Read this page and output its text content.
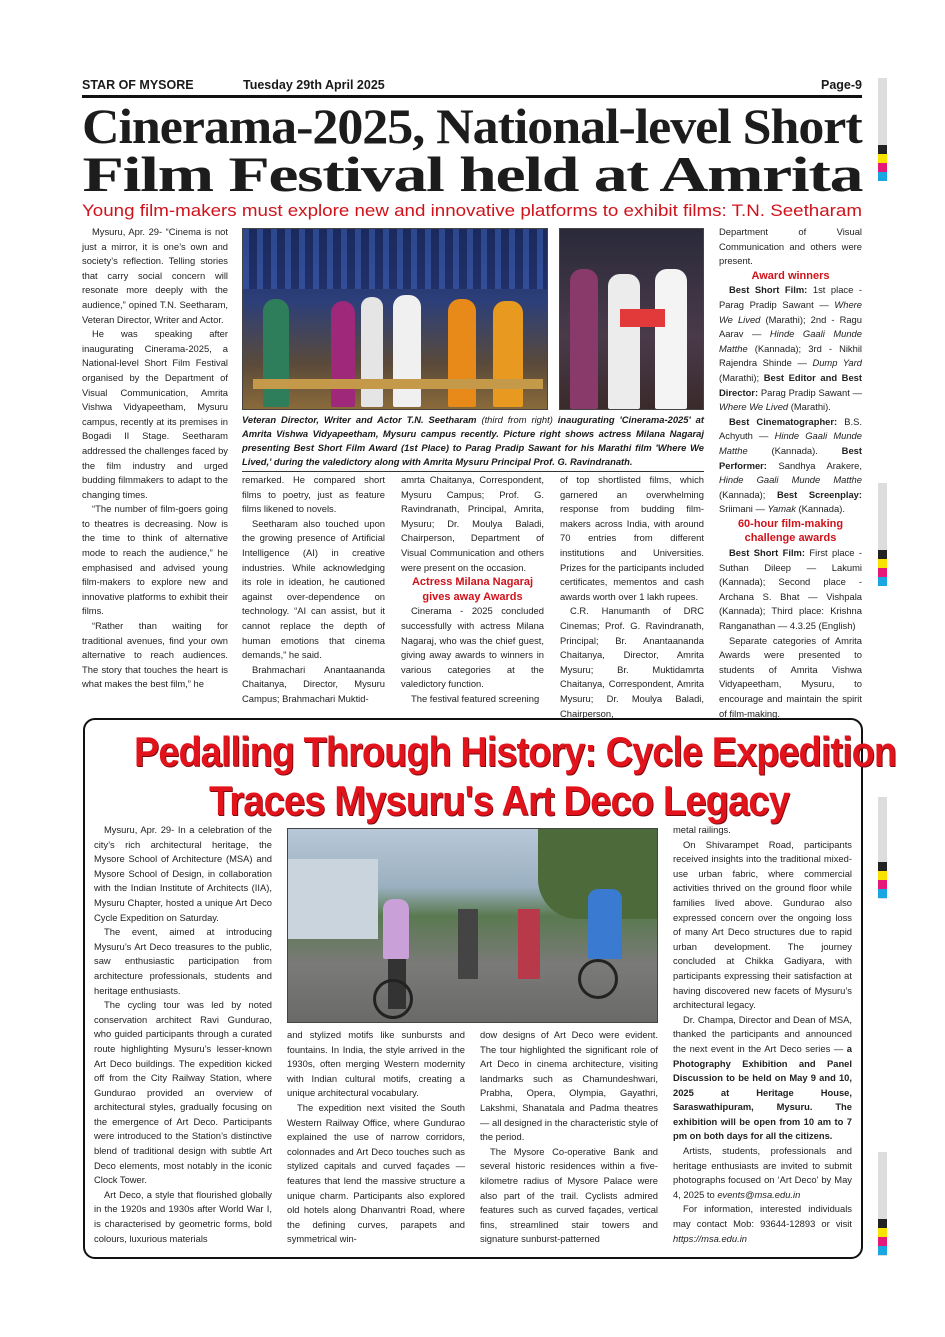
STAR OF MYSORE	Tuesday 29th April 2025	Page-9
Cinerama-2025, National-level Short
Film Festival held at Amrita
Young film-makers must explore new and innovative platforms to exhibit films: T.N. Seetharam

Mysuru, Apr. 29- “Cinema is not just a mirror, it is one’s own and society’s reflection. Telling stories that carry social concern will resonate more deeply with the audience,” opined T.N. Seetharam, Veteran Director, Writer and Actor.

He was speaking after inaugurating Cinerama-2025, a National-level Short Film Festival organised by the Department of Visual Communication, Amrita Vishwa Vidyapeetham, Mysuru campus, recently at its premises in Bogadi II Stage. Seetharam addressed the challenges faced by the film industry and urged budding filmmakers to adapt to the changing times.

“The number of film-goers going to theatres is decreasing. Now is the time to think of alternative mode to reach the audience,” he emphasised and advised young film-makers to explore new and innovative platforms to exhibit their films.

“Rather than waiting for traditional avenues, find your own alternative to reach audiences. The story that touches the heart is what makes the best film,” he

Veteran Director, Writer and Actor T.N. Seetharam (third from right) inaugurating 'Cinerama-2025' at Amrita Vishwa Vidyapeetham, Mysuru campus recently. Picture right shows actress Milana Nagaraj presenting Best Short Film Award (1st Place) to Parag Pradip Sawant for his Marathi film 'Where We Lived,' during the valedictory along with Amrita Mysuru Principal Prof. G. Ravindranath.

remarked. He compared short films to poetry, just as feature films likened to novels.

Seetharam also touched upon the growing presence of Artificial Intelligence (AI) in creative industries. While acknowledging its role in ideation, he cautioned against over-dependence on technology. “AI can assist, but it cannot replace the depth of human emotions that cinema demands,” he said.

Brahmachari Anantaananda Chaitanya, Director, Mysuru Campus; Brahmachari Muktid-

amrta Chaitanya, Correspondent, Mysuru Campus; Prof. G. Ravindranath, Principal, Amrita, Mysuru; Dr. Moulya Baladi, Chairperson, Department of Visual Communication and others were present on the occasion.

Actress Milana Nagaraj gives away Awards

Cinerama - 2025 concluded successfully with actress Milana Nagaraj, who was the chief guest, giving away awards to winners in various categories at the valedictory function.

The festival featured screening

of top shortlisted films, which garnered an overwhelming response from budding film-makers across India, with around 70 entries from different institutions and Universities. Prizes for the participants included certificates, mementos and cash awards worth over 1 lakh rupees.

C.R. Hanumanth of DRC Cinemas; Prof. G. Ravindranath, Principal; Br. Anantaananda Chaitanya, Director, Amrita Mysuru; Br. Muktidamrta Chaitanya, Correspondent, Amrita Mysuru; Dr. Moulya Baladi, Chairperson,

Department of Visual Communication and others were present.

Award winners

Best Short Film: 1st place - Parag Pradip Sawant — Where We Lived (Marathi); 2nd - Ragu Aarav — Hinde Gaali Munde Matthe (Kannada); 3rd - Nikhil Rajendra Shinde — Dump Yard (Marathi); Best Editor and Best Director: Parag Pradip Sawant — Where We Lived (Marathi).

Best Cinematographer: B.S. Achyuth — Hinde Gaali Munde Matthe (Kannada). Best Performer: Sandhya Arakere, Hinde Gaali Munde Matthe (Kannada); Best Screenplay: Sriimani — Yamak (Kannada).

60-hour film-making challenge awards

Best Short Film: First place - Suthan Dileep — Lakumi (Kannada); Second place - Archana S. Bhat — Vishpala (Kannada); Third place: Krishna Ranganathan — 4.3.25 (English)

Separate categories of Amrita Awards were presented to students of Amrita Vishwa Vidyapeetham, Mysuru, to encourage and maintain the spirit of film-making.

Pedalling Through History: Cycle Expedition
Traces Mysuru's Art Deco Legacy

Mysuru, Apr. 29- In a celebration of the city’s rich architectural heritage, the Mysore School of Architecture (MSA) and Mysore School of Design, in collaboration with the Indian Institute of Architects (IIA), Mysuru Chapter, hosted a unique Art Deco Cycle Expedition on Saturday.

The event, aimed at introducing Mysuru’s Art Deco treasures to the public, saw enthusiastic participation from architecture professionals, students and heritage enthusiasts.

The cycling tour was led by noted conservation architect Ravi Gundurao, who guided participants through a curated route highlighting Mysuru’s lesser-known Art Deco buildings. The expedition kicked off from the City Railway Station, where Gundurao provided an overview of architectural styles, gradually focusing on the emergence of Art Deco. Participants were introduced to the Station’s distinctive blend of traditional design with subtle Art Deco elements, most notably in the iconic Clock Tower.

Art Deco, a style that flourished globally in the 1920s and 1930s after World War I, is characterised by geometric forms, bold colours, luxurious materials

and stylized motifs like sunbursts and fountains. In India, the style arrived in the 1930s, often merging Western modernity with Indian cultural motifs, creating a unique architectural vocabulary.

The expedition next visited the South Western Railway Office, where Gundurao explained the use of narrow corridors, colonnades and Art Deco touches such as stylized capitals and curved façades — features that lend the massive structure a unique charm. Participants also explored old hotels along Dhanvantri Road, where the defining curves, parapets and symmetrical win-

dow designs of Art Deco were evident. The tour highlighted the significant role of Art Deco in cinema architecture, visiting landmarks such as Chamundeshwari, Prabha, Opera, Olympia, Gayathri, Lakshmi, Shanatala and Padma theatres — all designed in the characteristic style of the period.

The Mysore Co-operative Bank and several historic residences within a five-kilometre radius of Mysore Palace were also part of the trail. Cyclists admired features such as curved façades, vertical fins, streamlined stair towers and signature sunburst-patterned

metal railings.

On Shivarampet Road, participants received insights into the traditional mixed-use urban fabric, where commercial activities thrived on the ground floor while families lived above. Gundurao also expressed concern over the ongoing loss of many Art Deco structures due to rapid urban development. The journey concluded at Chikka Gadiyara, with participants expressing their satisfaction at having discovered new facets of Mysuru’s architectural legacy.

Dr. Champa, Director and Dean of MSA, thanked the participants and announced the next event in the Art Deco series — a Photography Exhibition and Panel Discussion to be held on May 9 and 10, 2025 at Heritage House, Saraswathipuram, Mysuru. The exhibition will be open from 10 am to 7 pm on both days for all the citizens.

Artists, students, professionals and heritage enthusiasts are invited to submit photographs focused on ‘Art Deco’ by May 4, 2025 to events@msa.edu.in

For information, interested individuals may contact Mob: 93644-12893 or visit https://msa.edu.in
